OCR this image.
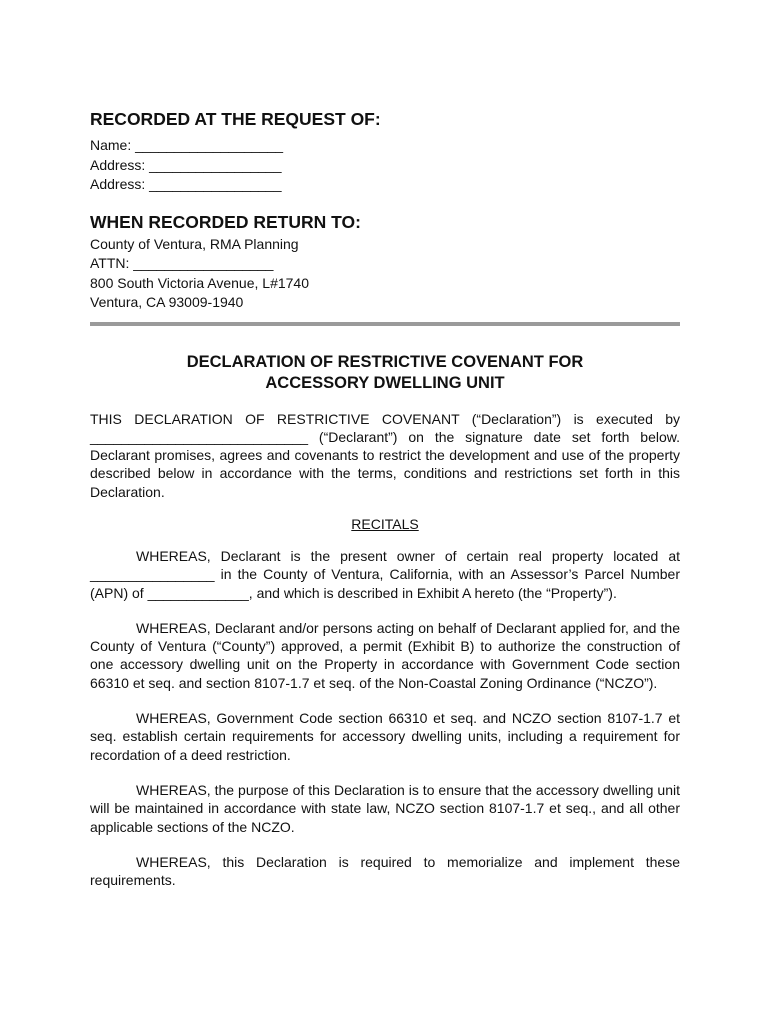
RECORDED AT THE REQUEST OF:
Name: ___________________
Address: _________________
Address: _________________
WHEN RECORDED RETURN TO:
County of Ventura, RMA Planning
ATTN: __________________
800 South Victoria Avenue, L#1740
Ventura, CA 93009-1940
DECLARATION OF RESTRICTIVE COVENANT FOR
ACCESSORY DWELLING UNIT

THIS DECLARATION OF RESTRICTIVE COVENANT (“Declaration”) is executed by ____________________________ (“Declarant”) on the signature date set forth below. Declarant promises, agrees and covenants to restrict the development and use of the property described below in accordance with the terms, conditions and restrictions set forth in this Declaration.

RECITALS

WHEREAS, Declarant is the present owner of certain real property located at ________________ in the County of Ventura, California, with an Assessor’s Parcel Number (APN) of _____________, and which is described in Exhibit A hereto (the “Property”).

WHEREAS, Declarant and/or persons acting on behalf of Declarant applied for, and the County of Ventura (“County”) approved, a permit (Exhibit B) to authorize the construction of one accessory dwelling unit on the Property in accordance with Government Code section 66310 et seq. and section 8107-1.7 et seq. of the Non-Coastal Zoning Ordinance (“NCZO”).

WHEREAS, Government Code section 66310 et seq. and NCZO section 8107-1.7 et seq. establish certain requirements for accessory dwelling units, including a requirement for recordation of a deed restriction.

WHEREAS, the purpose of this Declaration is to ensure that the accessory dwelling unit will be maintained in accordance with state law, NCZO section 8107-1.7 et seq., and all other applicable sections of the NCZO.

WHEREAS, this Declaration is required to memorialize and implement these requirements.
